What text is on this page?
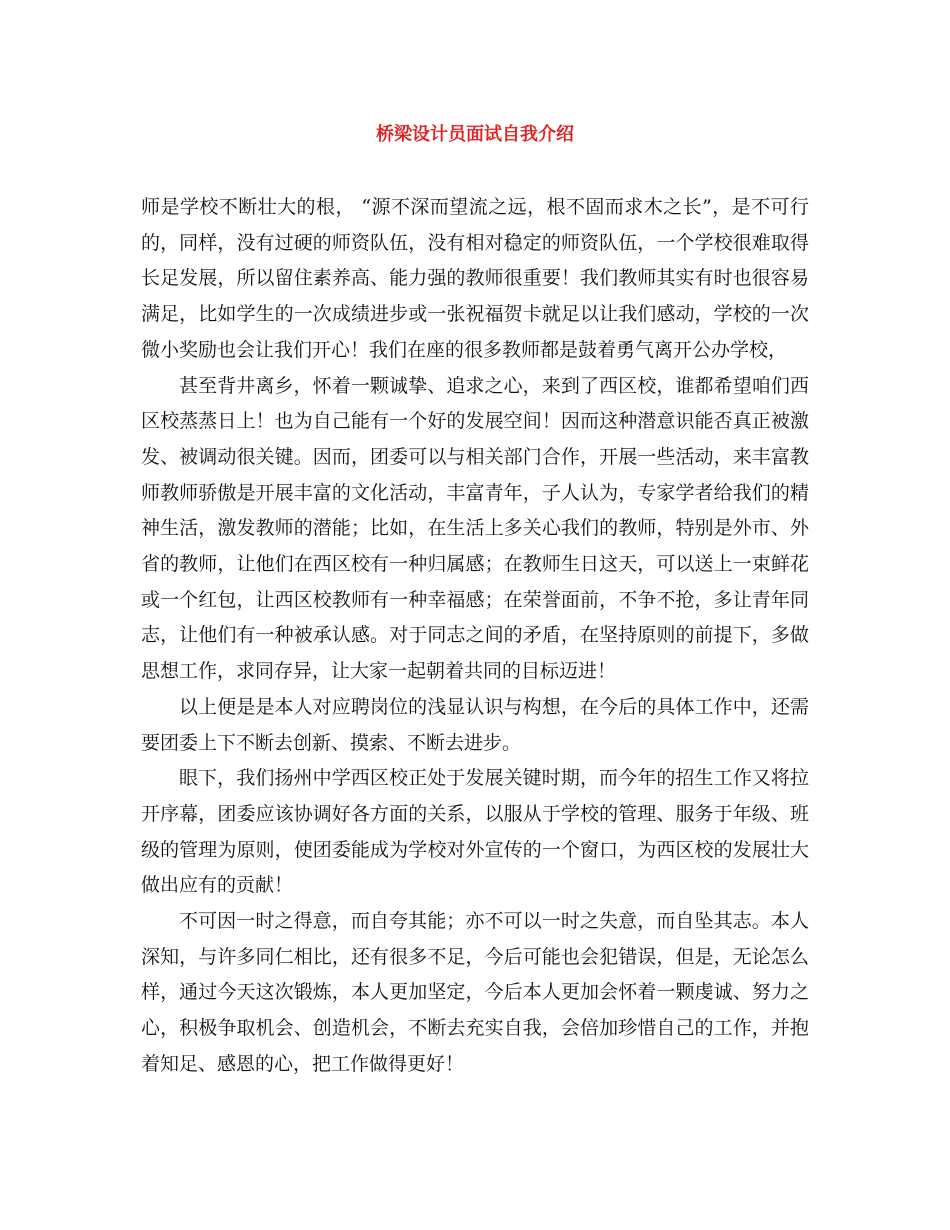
桥梁设计员面试自我介绍

师是学校不断壮大的根， “源不深而望流之远，根不固而求木之长”，是不可行的，同样，没有过硬的师资队伍，没有相对稳定的师资队伍，一个学校很难取得长足发展，所以留住素养高、能力强的教师很重要！我们教师其实有时也很容易满足，比如学生的一次成绩进步或一张祝福贺卡就足以让我们感动，学校的一次微小奖励也会让我们开心！我们在座的很多教师都是鼓着勇气离开公办学校，

甚至背井离乡，怀着一颗诚挚、追求之心，来到了西区校，谁都希望咱们西区校蒸蒸日上！也为自己能有一个好的发展空间！因而这种潜意识能否真正被激发、被调动很关键。因而，团委可以与相关部门合作，开展一些活动，来丰富教师教师骄傲是开展丰富的文化活动，丰富青年，子人认为，专家学者给我们的精神生活，激发教师的潜能；比如，在生活上多关心我们的教师，特别是外市、外省的教师，让他们在西区校有一种归属感；在教师生日这天，可以送上一束鲜花或一个红包，让西区校教师有一种幸福感；在荣誉面前，不争不抢，多让青年同志，让他们有一种被承认感。对于同志之间的矛盾，在坚持原则的前提下，多做思想工作，求同存异，让大家一起朝着共同的目标迈进！

以上便是是本人对应聘岗位的浅显认识与构想，在今后的具体工作中，还需要团委上下不断去创新、摸索、不断去进步。

眼下，我们扬州中学西区校正处于发展关键时期，而今年的招生工作又将拉开序幕，团委应该协调好各方面的关系，以服从于学校的管理、服务于年级、班级的管理为原则，使团委能成为学校对外宣传的一个窗口，为西区校的发展壮大做出应有的贡献！

不可因一时之得意，而自夸其能；亦不可以一时之失意，而自坠其志。本人深知，与许多同仁相比，还有很多不足，今后可能也会犯错误，但是，无论怎么样，通过今天这次锻炼，本人更加坚定，今后本人更加会怀着一颗虔诚、努力之心，积极争取机会、创造机会，不断去充实自我，会倍加珍惜自己的工作，并抱着知足、感恩的心，把工作做得更好！
